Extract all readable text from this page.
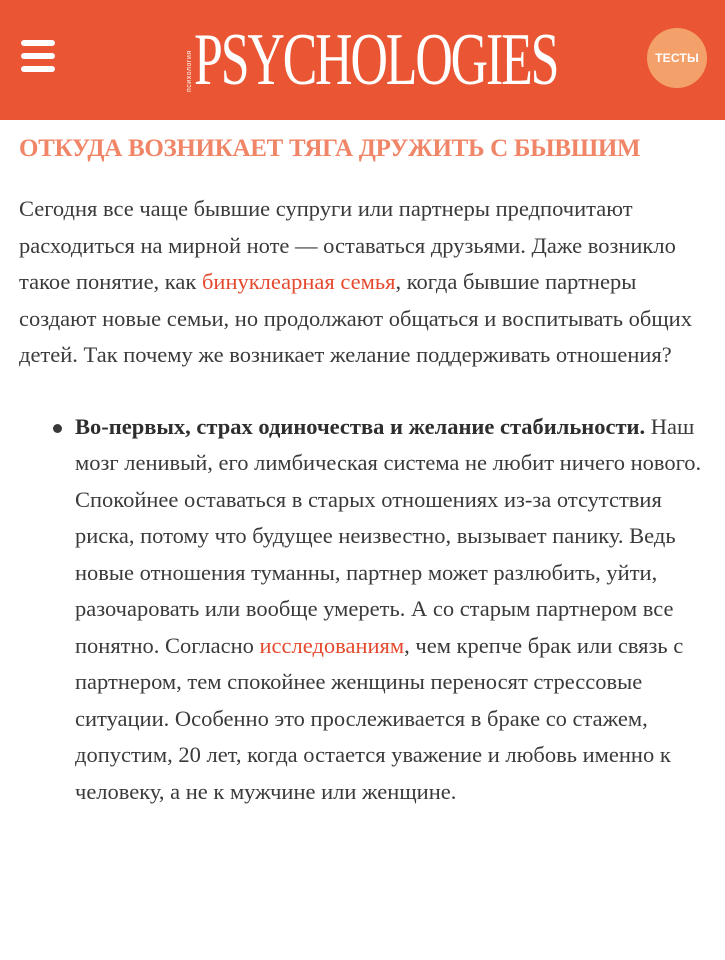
психология PSYCHOLOGIES	ТЕСТЫ
ОТКУДА ВОЗНИКАЕТ ТЯГА ДРУЖИТЬ С БЫВШИМ

Сегодня все чаще бывшие супруги или партнеры предпочитают расходиться на мирной ноте — оставаться друзьями. Даже возникло такое понятие, как бинуклеарная семья, когда бывшие партнеры создают новые семьи, но продолжают общаться и воспитывать общих детей. Так почему же возникает желание поддерживать отношения?

Во-первых, страх одиночества и желание стабильности. Наш мозг ленивый, его лимбическая система не любит ничего нового. Спокойнее оставаться в старых отношениях из-за отсутствия риска, потому что будущее неизвестно, вызывает панику. Ведь новые отношения туманны, партнер может разлюбить, уйти, разочаровать или вообще умереть. А со старым партнером все понятно. Согласно исследованиям, чем крепче брак или связь с партнером, тем спокойнее женщины переносят стрессовые ситуации. Особенно это прослеживается в браке со стажем, допустим, 20 лет, когда остается уважение и любовь именно к человеку, а не к мужчине или женщине.
